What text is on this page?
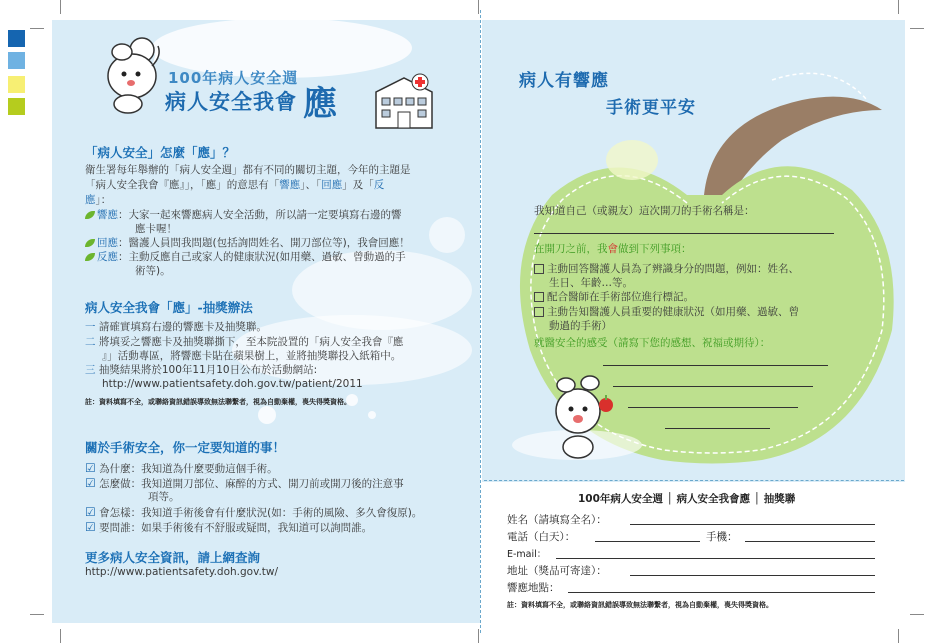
100年病人安全週
病人安全我會 應
「病人安全」怎麼「應」？
衛生署每年舉辦的「病人安全週」都有不同的關切主題，今年的主題是
「病人安全我會『應』」，「應」的意思有「響應」、「回應」及「反
應」：
響應：大家一起來響應病人安全活動，所以請一定要填寫右邊的響
應卡喔！
回應：醫護人員問我問題(包括詢問姓名、開刀部位等)，我會回應！
反應：主動反應自己或家人的健康狀況(如用藥、過敏、曾動過的手
術等)。
病人安全我會「應」-抽獎辦法
一 請確實填寫右邊的響應卡及抽獎聯。
二 將填妥之響應卡及抽獎聯撕下，至本院設置的「病人安全我會『應
』」活動專區，將響應卡貼在蘋果樹上，並將抽獎聯投入紙箱中。
三 抽獎結果將於100年11月10日公布於活動網站:
http://www.patientsafety.doh.gov.tw/patient/2011
註：資料填寫不全，或聯絡資訊錯誤導致無法聯繫者，視為自動棄權，喪失得獎資格。
關於手術安全，你一定要知道的事！
☑ 為什麼：我知道為什麼要動這個手術。
☑ 怎麼做：我知道開刀部位、麻醉的方式、開刀前或開刀後的注意事
項等。
☑ 會怎樣：我知道手術後會有什麼狀況(如：手術的風險、多久會復原)。
☑ 要問誰：如果手術後有不舒服或疑問，我知道可以詢問誰。
更多病人安全資訊，請上網查詢
http://www.patientsafety.doh.gov.tw/
病人有響應
手術更平安
我知道自己（或親友）這次開刀的手術名稱是：
在開刀之前，我會做到下列事項：
主動回答醫護人員為了辨識身分的問題，例如：姓名、
生日、年齡…等。
配合醫師在手術部位進行標記。
主動告知醫護人員重要的健康狀況（如用藥、過敏、曾
動過的手術）
就醫安全的感受（請寫下您的感想、祝福或期待）：
100年病人安全週 │ 病人安全我會應 │ 抽獎聯
姓名（請填寫全名）：
電話（白天）：	手機：
E-mail：
地址（獎品可寄達）：
響應地點：
註：資料填寫不全，或聯絡資訊錯誤導致無法聯繫者，視為自動棄權，喪失得獎資格。
